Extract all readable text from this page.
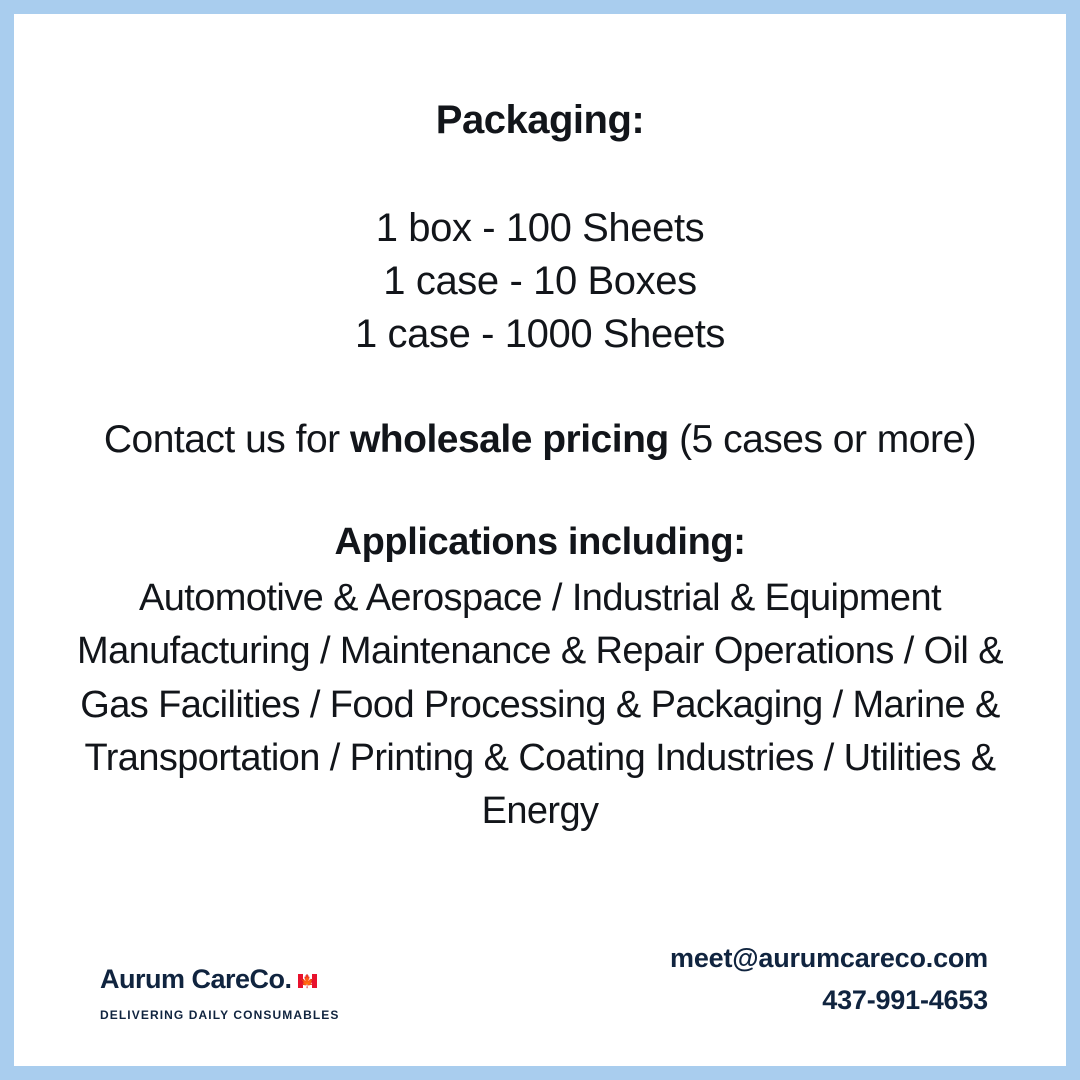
Packaging:
1 box - 100 Sheets
1 case - 10 Boxes
1 case - 1000 Sheets
Contact us for wholesale pricing (5 cases or more)
Applications including:
Automotive & Aerospace / Industrial & Equipment Manufacturing / Maintenance & Repair Operations / Oil & Gas Facilities / Food Processing & Packaging / Marine & Transportation / Printing & Coating Industries / Utilities & Energy
Aurum Care Co. 🍁
DELIVERING DAILY CONSUMABLES
meet@aurumcareco.com
437-991-4653
